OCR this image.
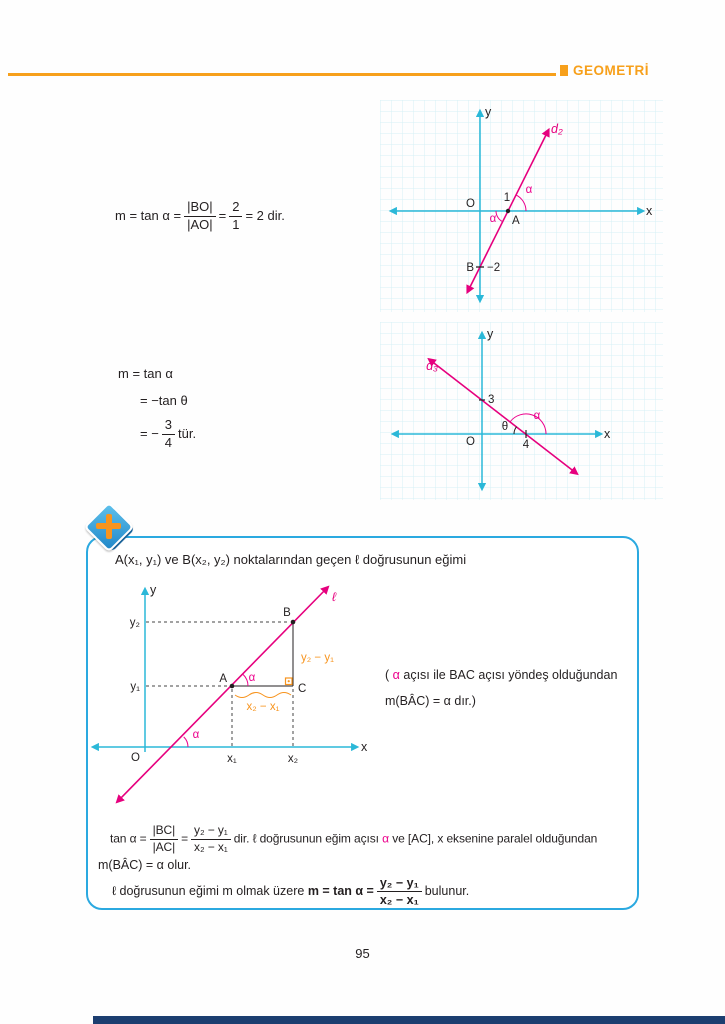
GEOMETRİ
$m = \tan \alpha = \frac{|BO|}{|AO|} = \frac{2}{1} = 2$ dir.
y
x
d₂
O
A
B −2
1
α
α
m = tan α
= −tan θ
= − $\frac{3}{4}$ tür.
y
x
d₃
O
3
4
θ
α
A(x₁, y₁) ve B(x₂, y₂) noktalarından geçen ℓ doğrusunun eğimi
y
x
ℓ
O
y₂
y₁
x₁	x₂
A
B
C
y₂ − y₁
x₂ − x₁
α
α
( α açısı ile BAC açısı yöndeş olduğundan
m(BÂC) = α dır.)
$\tan \alpha = \frac{|BC|}{|AC|} = \frac{\text{y₂ − y₁}}{\text{x₂ − x₁}}$ dir. ℓ doğrusunun eğim açısı α ve [AC], x eksenine paralel olduğundan
m(BÂC) = α olur.
ℓ doğrusunun eğimi m olmak üzere $m = \tan \alpha = \frac{\text{y₂ − y₁}}{\text{x₂ − x₁}}$ bulunur.
95
